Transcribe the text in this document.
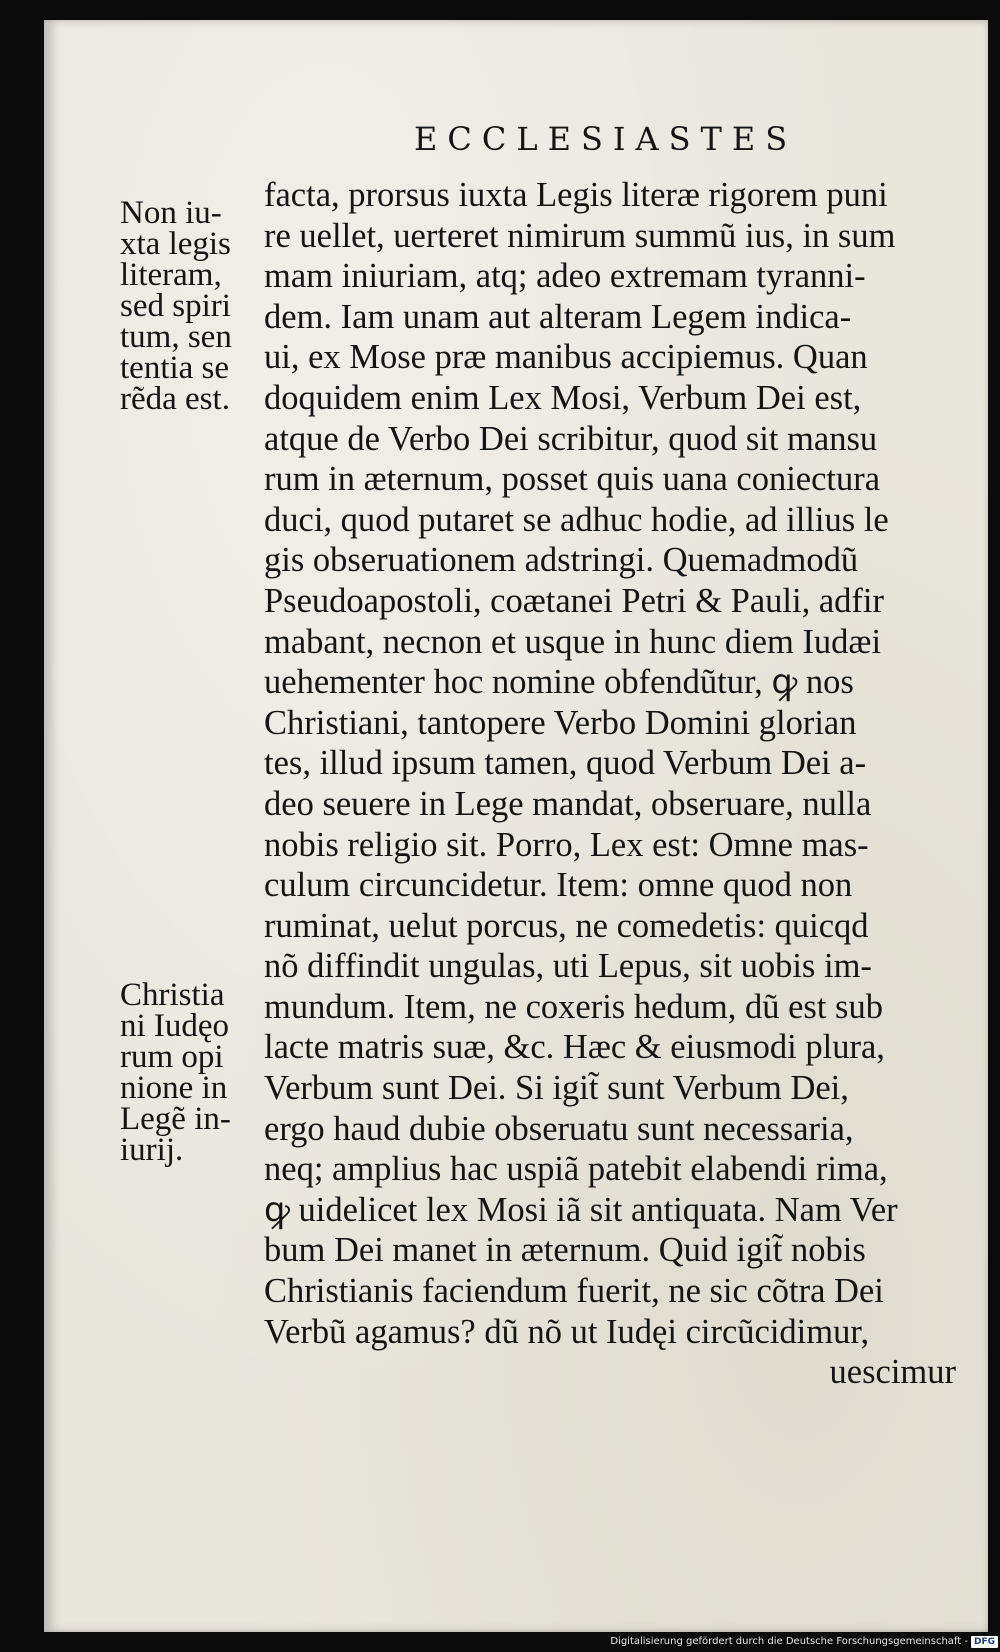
ECCLESIASTES
Non iu-
xta legis
literam,
sed spiri
tum, sen
tentia se
rẽda est.
Christia
ni Iudęo
rum opi
nione in
Legẽ in-
iurij.
facta, prorsus iuxta Legis literæ rigorem puni
re uellet, uerteret nimirum summũ ius, in sum
mam iniuriam, atq; adeo extremam tyranni-
dem. Iam unam aut alteram Legem indica-
ui, ex Mose præ manibus accipiemus. Quan
doquidem enim Lex Mosi, Verbum Dei est,
atque de Verbo Dei scribitur, quod sit mansu
rum in æternum, posset quis uana coniectura
duci, quod putaret se adhuc hodie, ad illius le
gis obseruationem adstringi. Quemadmodũ
Pseudoapostoli, coætanei Petri & Pauli, adfir
mabant, necnon et usque in hunc diem Iudæi
uehementer hoc nomine obfendũtur, ꝙ nos
Christiani, tantopere Verbo Domini glorian
tes, illud ipsum tamen, quod Verbum Dei a-
deo seuere in Lege mandat, obseruare, nulla
nobis religio sit. Porro, Lex est: Omne mas-
culum circuncidetur. Item: omne quod non
ruminat, uelut porcus, ne comedetis: quicqd
nõ diffindit ungulas, uti Lepus, sit uobis im-
mundum. Item, ne coxeris hedum, dũ est sub
lacte matris suæ, &c. Hæc & eiusmodi plura,
Verbum sunt Dei. Si igit̃ sunt Verbum Dei,
ergo haud dubie obseruatu sunt necessaria,
neq; amplius hac uspiã patebit elabendi rima,
ꝙ uidelicet lex Mosi iã sit antiquata. Nam Ver
bum Dei manet in æternum. Quid igit̃ nobis
Christianis faciendum fuerit, ne sic cõtra Dei
Verbũ agamus? dũ nõ ut Iudęi circũcidimur,
uescimur
Digitalisierung gefördert durch die Deutsche Forschungsgemeinschaft - DFG
